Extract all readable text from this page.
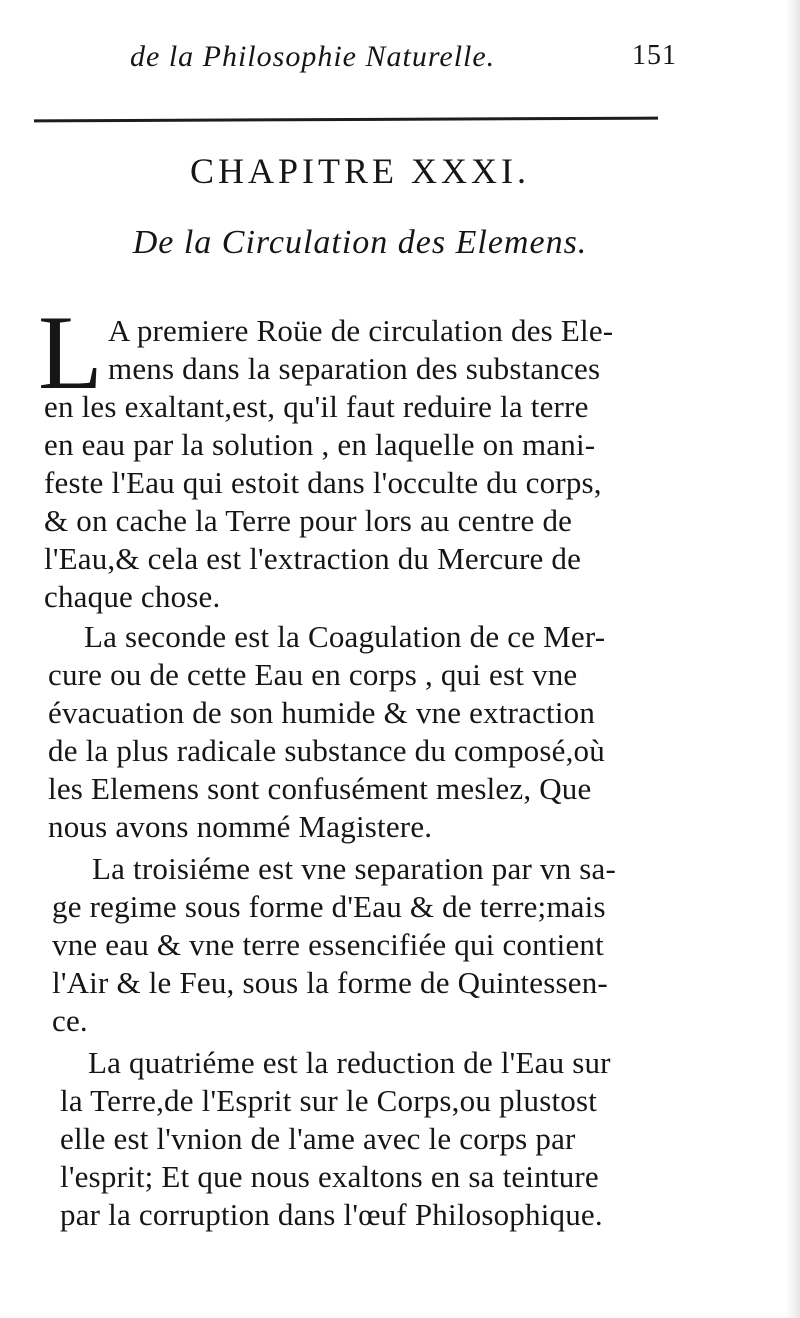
de la Philosophie Naturelle.	151
CHAPITRE XXXI.
De la Circulation des Elemens.
L A premiere Roüe de circulation des Ele-
mens dans la separation des substances
en les exaltant,est, qu'il faut reduire la terre
en eau par la solution , en laquelle on mani-
feste l'Eau qui estoit dans l'occulte du corps,
& on cache la Terre pour lors au centre de
l'Eau,& cela est l'extraction du Mercure de
chaque chose.
La seconde est la Coagulation de ce Mer-
cure ou de cette Eau en corps , qui est vne
évacuation de son humide & vne extraction
de la plus radicale substance du composé,où
les Elemens sont confusément meslez, Que
nous avons nommé Magistere.
La troisiéme est vne separation par vn sa-
ge regime sous forme d'Eau & de terre;mais
vne eau & vne terre essencifiée qui contient
l'Air & le Feu, sous la forme de Quintessen-
ce.
La quatriéme est la reduction de l'Eau sur
la Terre,de l'Esprit sur le Corps,ou plustost
elle est l'vnion de l'ame avec le corps par
l'esprit; Et que nous exaltons en sa teinture
par la corruption dans l'œuf Philosophique.
